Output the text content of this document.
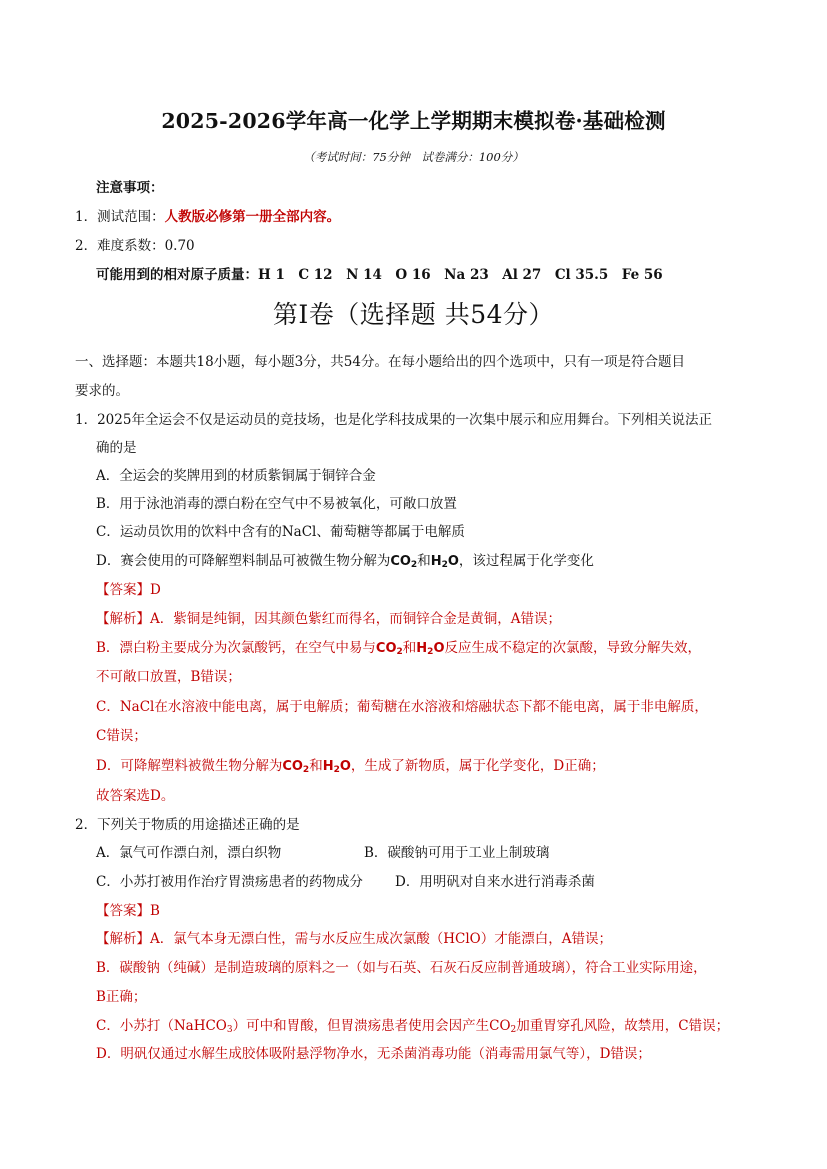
2025-2026学年高一化学上学期期末模拟卷·基础检测
（考试时间：75分钟　试卷满分：100分）
注意事项：
1．测试范围：人教版必修第一册全部内容。
2．难度系数：0.70
可能用到的相对原子质量：H 1　C 12　N 14　O 16　Na 23　Al 27　Cl 35.5　Fe 56
第I卷（选择题 共54分）
一、选择题：本题共18小题，每小题3分，共54分。在每小题给出的四个选项中，只有一项是符合题目
要求的。
1．2025年全运会不仅是运动员的竞技场，也是化学科技成果的一次集中展示和应用舞台。下列相关说法正
确的是
A．全运会的奖牌用到的材质紫铜属于铜锌合金
B．用于泳池消毒的漂白粉在空气中不易被氧化，可敞口放置
C．运动员饮用的饮料中含有的NaCl、葡萄糖等都属于电解质
D．赛会使用的可降解塑料制品可被微生物分解为$CO_2$和$H_2O$，该过程属于化学变化
【答案】D
【解析】A．紫铜是纯铜，因其颜色紫红而得名，而铜锌合金是黄铜，A错误；
B．漂白粉主要成分为次氯酸钙，在空气中易与$CO_2$和$H_2O$反应生成不稳定的次氯酸，导致分解失效，
不可敞口放置，B错误；
C．NaCl在水溶液中能电离，属于电解质；葡萄糖在水溶液和熔融状态下都不能电离，属于非电解质，
C错误；
D．可降解塑料被微生物分解为$CO_2$和$H_2O$，生成了新物质，属于化学变化，D正确；
故答案选D。
2．下列关于物质的用途描述正确的是
A．氯气可作漂白剂，漂白织物	B．碳酸钠可用于工业上制玻璃
C．小苏打被用作治疗胃溃疡患者的药物成分 D．用明矾对自来水进行消毒杀菌
【答案】B
【解析】A．氯气本身无漂白性，需与水反应生成次氯酸（HClO）才能漂白，A错误；
B．碳酸钠（纯碱）是制造玻璃的原料之一（如与石英、石灰石反应制普通玻璃），符合工业实际用途，
B正确；
C．小苏打（NaHCO$_3$）可中和胃酸，但胃溃疡患者使用会因产生$CO_2$加重胃穿孔风险，故禁用，C错误；
D．明矾仅通过水解生成胶体吸附悬浮物净水，无杀菌消毒功能（消毒需用氯气等），D错误；
